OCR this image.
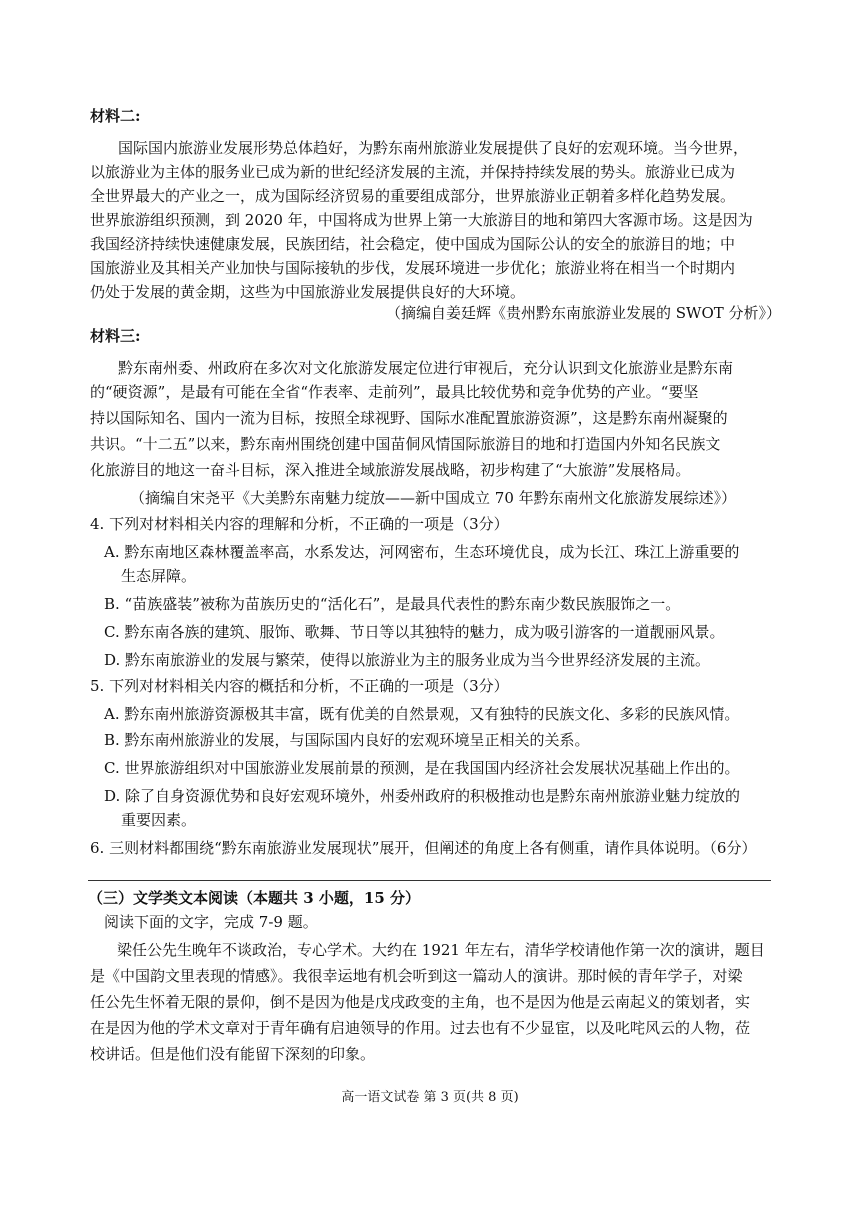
材料二:
国际国内旅游业发展形势总体趋好，为黔东南州旅游业发展提供了良好的宏观环境。当今世界，
以旅游业为主体的服务业已成为新的世纪经济发展的主流，并保持持续发展的势头。旅游业已成为
全世界最大的产业之一，成为国际经济贸易的重要组成部分，世界旅游业正朝着多样化趋势发展。
世界旅游组织预测，到 2020 年，中国将成为世界上第一大旅游目的地和第四大客源市场。这是因为
我国经济持续快速健康发展，民族团结，社会稳定，使中国成为国际公认的安全的旅游目的地；中
国旅游业及其相关产业加快与国际接轨的步伐，发展环境进一步优化；旅游业将在相当一个时期内
仍处于发展的黄金期，这些为中国旅游业发展提供良好的大环境。
（摘编自姜廷辉《贵州黔东南旅游业发展的 SWOT 分析》）
材料三:
黔东南州委、州政府在多次对文化旅游发展定位进行审视后，充分认识到文化旅游业是黔东南
的“硬资源”，是最有可能在全省“作表率、走前列”，最具比较优势和竞争优势的产业。“要坚
持以国际知名、国内一流为目标，按照全球视野、国际水准配置旅游资源”，这是黔东南州凝聚的
共识。“十二五”以来，黔东南州围绕创建中国苗侗风情国际旅游目的地和打造国内外知名民族文
化旅游目的地这一奋斗目标，深入推进全域旅游发展战略，初步构建了“大旅游”发展格局。
（摘编自宋尧平《大美黔东南魅力绽放——新中国成立 70 年黔东南州文化旅游发展综述》）
4. 下列对材料相关内容的理解和分析，不正确的一项是（3分）
A. 黔东南地区森林覆盖率高，水系发达，河网密布，生态环境优良，成为长江、珠江上游重要的
生态屏障。
B. “苗族盛装”被称为苗族历史的“活化石”，是最具代表性的黔东南少数民族服饰之一。
C. 黔东南各族的建筑、服饰、歌舞、节日等以其独特的魅力，成为吸引游客的一道靓丽风景。
D. 黔东南旅游业的发展与繁荣，使得以旅游业为主的服务业成为当今世界经济发展的主流。
5. 下列对材料相关内容的概括和分析，不正确的一项是（3分）
A. 黔东南州旅游资源极其丰富，既有优美的自然景观，又有独特的民族文化、多彩的民族风情。
B. 黔东南州旅游业的发展，与国际国内良好的宏观环境呈正相关的关系。
C. 世界旅游组织对中国旅游业发展前景的预测，是在我国国内经济社会发展状况基础上作出的。
D. 除了自身资源优势和良好宏观环境外，州委州政府的积极推动也是黔东南州旅游业魅力绽放的
重要因素。
6. 三则材料都围绕“黔东南旅游业发展现状”展开，但阐述的角度上各有侧重，请作具体说明。（6分）
（三）文学类文本阅读（本题共 3 小题，15 分）
阅读下面的文字，完成 7-9 题。
梁任公先生晚年不谈政治，专心学术。大约在 1921 年左右，清华学校请他作第一次的演讲，题目
是《中国韵文里表现的情感》。我很幸运地有机会听到这一篇动人的演讲。那时候的青年学子，对梁
任公先生怀着无限的景仰，倒不是因为他是戊戌政变的主角，也不是因为他是云南起义的策划者，实
在是因为他的学术文章对于青年确有启迪领导的作用。过去也有不少显宦，以及叱咤风云的人物，莅
校讲话。但是他们没有能留下深刻的印象。
高一语文试卷 第 3 页(共 8 页)
